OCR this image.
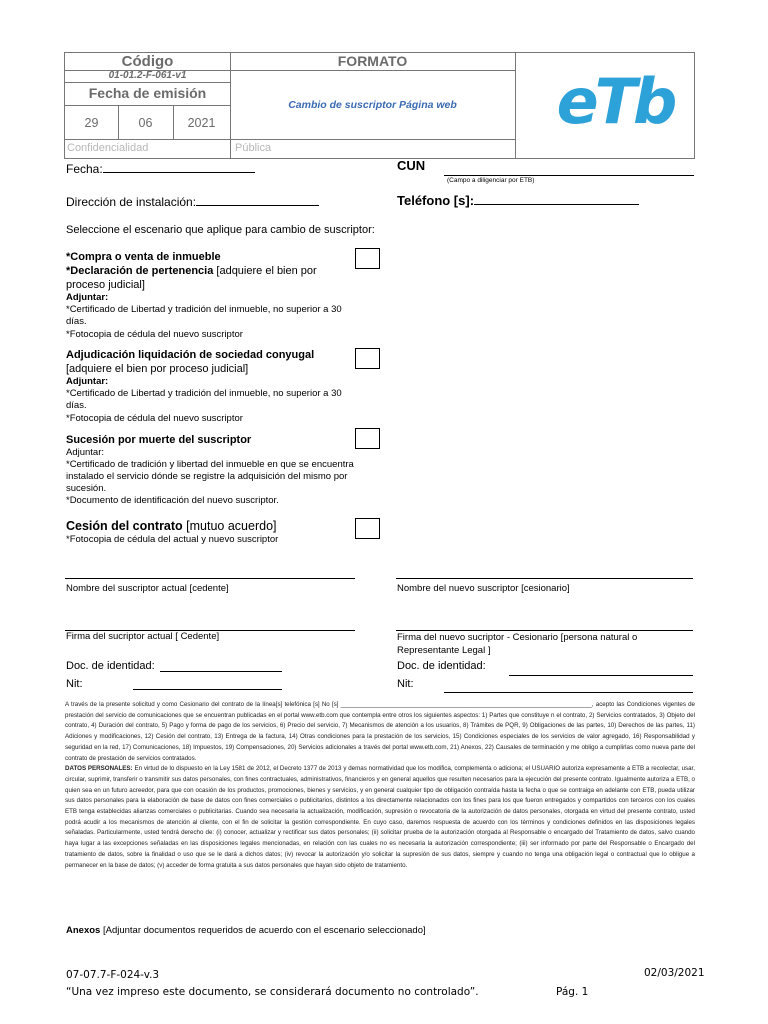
Código
01-01.2-F-061-v1
Fecha de emisión
29	06	2021
FORMATO
Cambio de suscriptor Página web
Confidencialidad	Pública
eTb
Fecha:	CUN
(Campo a diligenciar por ETB)
Dirección de instalación:	Teléfono [s]:
Seleccione el escenario que aplique para cambio de suscriptor:
*Compra o venta de inmueble
*Declaración de pertenencia [adquiere el bien por proceso judicial]
Adjuntar:
*Certificado de Libertad y tradición del inmueble, no superior a 30 días.
*Fotocopia de cédula del nuevo suscriptor
Adjudicación liquidación de sociedad conyugal [adquiere el bien por proceso judicial]
Adjuntar:
*Certificado de Libertad y tradición del inmueble, no superior a 30 días.
*Fotocopia de cédula del nuevo suscriptor
Sucesión por muerte del suscriptor
Adjuntar:
*Certificado de tradición y libertad del inmueble en que se encuentra instalado el servicio dónde se registre la adquisición del mismo por sucesión.
*Documento de identificación del nuevo suscriptor.
Cesión del contrato [mutuo acuerdo]
*Fotocopia de cédula del actual y nuevo suscriptor
Nombre del suscriptor actual [cedente]	Nombre del nuevo suscriptor [cesionario]
Firma del sucriptor actual [ Cedente]	Firma del nuevo sucriptor - Cesionario [persona natural o Representante Legal ]
Doc. de identidad:	Doc. de identidad:
Nit:	Nit:
A través de la presente solicitud y como Cesionario del contrato de la línea[s] telefónica [s] No [s] _________________________________________________________________________, acepto las Condiciones vigentes de prestación del servicio de comunicaciones que se encuentran publicadas en el portal www.etb.com que contempla entre otros los siguientes aspectos: 1) Partes que constituye n el contrato, 2) Servicios contratados, 3) Objeto del contrato, 4) Duración del contrato, 5) Pago y forma de pago de los servicios, 6) Precio del servicio, 7) Mecanismos de atención a los usuarios, 8) Trámites de PQR, 9) Obligaciones de las partes, 10) Derechos de las partes, 11) Adiciones y modificaciones, 12) Cesión del contrato, 13) Entrega de la factura, 14) Otras condiciones para la prestación de los servicios, 15) Condiciones especiales de los servicios de valor agregado, 16) Responsabilidad y seguridad en la red, 17) Comunicaciones, 18) Impuestos, 19) Compensaciones, 20) Servicios adicionales a través del portal www.etb.com, 21) Anexos, 22) Causales de terminación y me obligo a cumplirlas como nueva parte del contrato de prestación de servicios contratados.
DATOS PERSONALES: En virtud de lo dispuesto en la Ley 1581 de 2012, el Decreto 1377 de 2013 y demas normatividad que los modifica, complementa o adiciona; el USUARIO autoriza expresamente a ETB a recolectar, usar, circular, suprimir, transferir o transmitir sus datos personales, con fines contractuales, administrativos, financieros y en general aquellos que resulten necesarios para la ejecución del presente contrato. Igualmente autoriza a ETB, o quien sea en un futuro acreedor, para que con ocasión de los productos, promociones, bienes y servicios, y en general cualquier tipo de obligación contraída hasta la fecha o que se contraiga en adelante con ETB, pueda utilizar sus datos personales para la elaboración de base de datos con fines comerciales o publicitarios, distintos a los directamente relacionados con los fines para los que fueron entregados y compartidos con terceros con los cuales ETB tenga establecidas alianzas comerciales o publicitarias. Cuando sea necesaria la actualización, modificación, supresión o revocatoria de la autorización de datos personales, otorgada en virtud del presente contrato, usted podrá acudir a los mecanismos de atención al cliente, con el fin de solicitar la gestión correspondiente. En cuyo caso, daremos respuesta de acuerdo con los términos y condiciones definidos en las disposiciones legales señaladas. Particularmente, usted tendrá derecho de: (i) conocer, actualizar y rectificar sus datos personales; (ii) solicitar prueba de la autorización otorgada al Responsable o encargado del Tratamiento de datos, salvo cuando haya lugar a las excepciones señaladas en las disposiciones legales mencionadas, en relación con las cuales no es necesaria la autorización correspondiente; (iii) ser informado por parte del Responsable o Encargado del tratamiento de datos, sobre la finalidad o uso que se le dará a dichos datos; (iv) revocar la autorización y/o solicitar la supresión de sus datos, siempre y cuando no tenga una obligación legal o contractual que lo obligue a permanecer en la base de datos; (v) acceder de forma gratuita a sus datos personales que hayan sido objeto de tratamiento.
Anexos [Adjuntar documentos requeridos de acuerdo con el escenario seleccionado]
07-07.7-F-024-v.3	02/03/2021
“Una vez impreso este documento, se considerará documento no controlado”.	Pág. 1
